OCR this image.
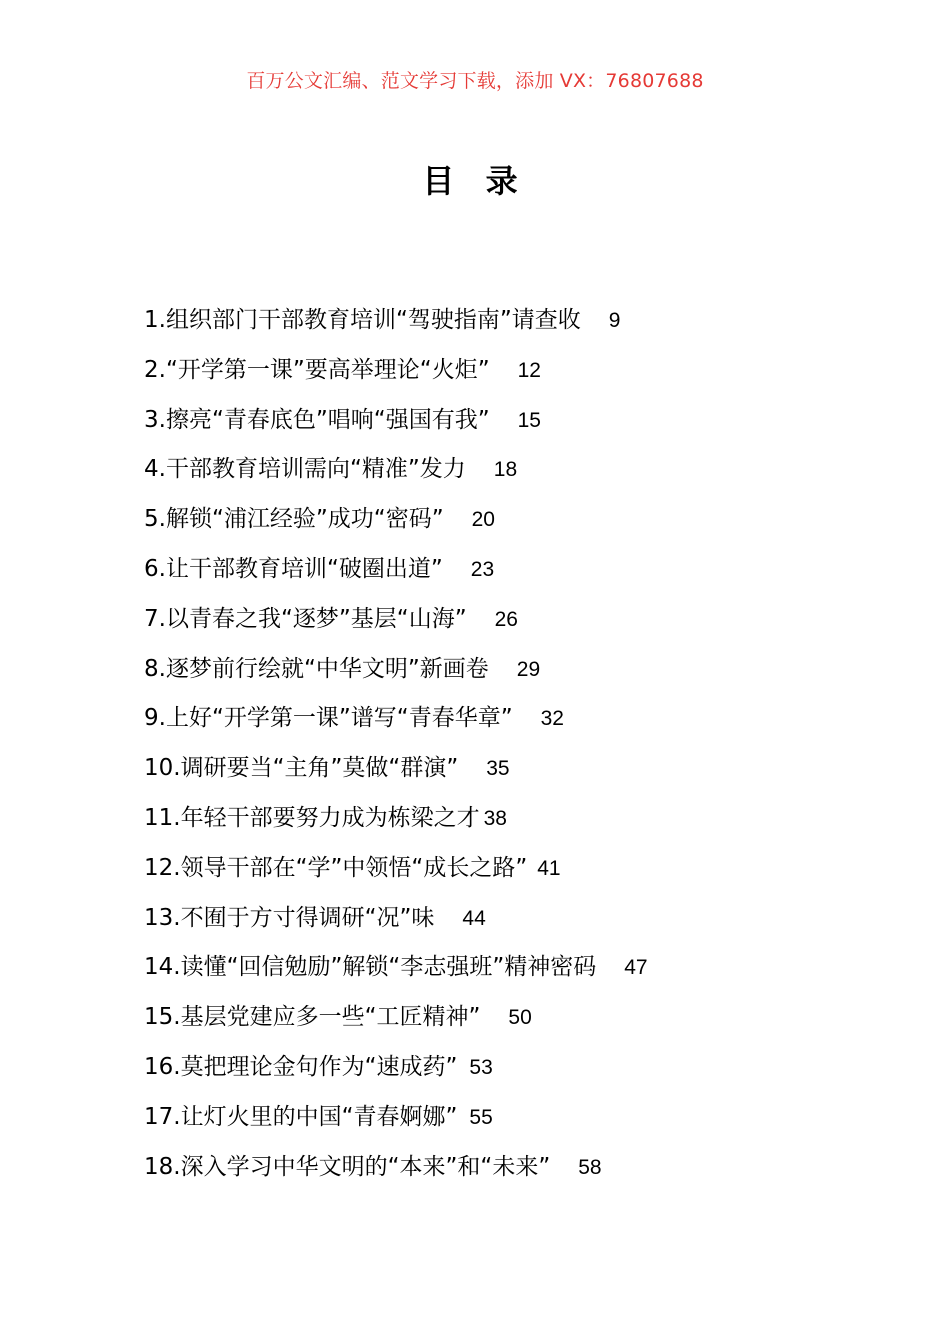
百万公文汇编、范文学习下载，添加 VX：76807688
目 录
1.组织部门干部教育培训“驾驶指南”请查收 9
2.“开学第一课”要高举理论“火炬” 12
3.擦亮“青春底色”唱响“强国有我” 15
4.干部教育培训需向“精准”发力 18
5.解锁“浦江经验”成功“密码” 20
6.让干部教育培训“破圈出道” 23
7.以青春之我“逐梦”基层“山海” 26
8.逐梦前行绘就“中华文明”新画卷 29
9.上好“开学第一课”谱写“青春华章” 32
10.调研要当“主角”莫做“群演” 35
11.年轻干部要努力成为栋梁之才 38
12.领导干部在“学”中领悟“成长之路” 41
13.不囿于方寸得调研“况”味 44
14.读懂“回信勉励”解锁“李志强班”精神密码 47
15.基层党建应多一些“工匠精神” 50
16.莫把理论金句作为“速成药” 53
17.让灯火里的中国“青春婀娜” 55
18.深入学习中华文明的“本来”和“未来” 58
